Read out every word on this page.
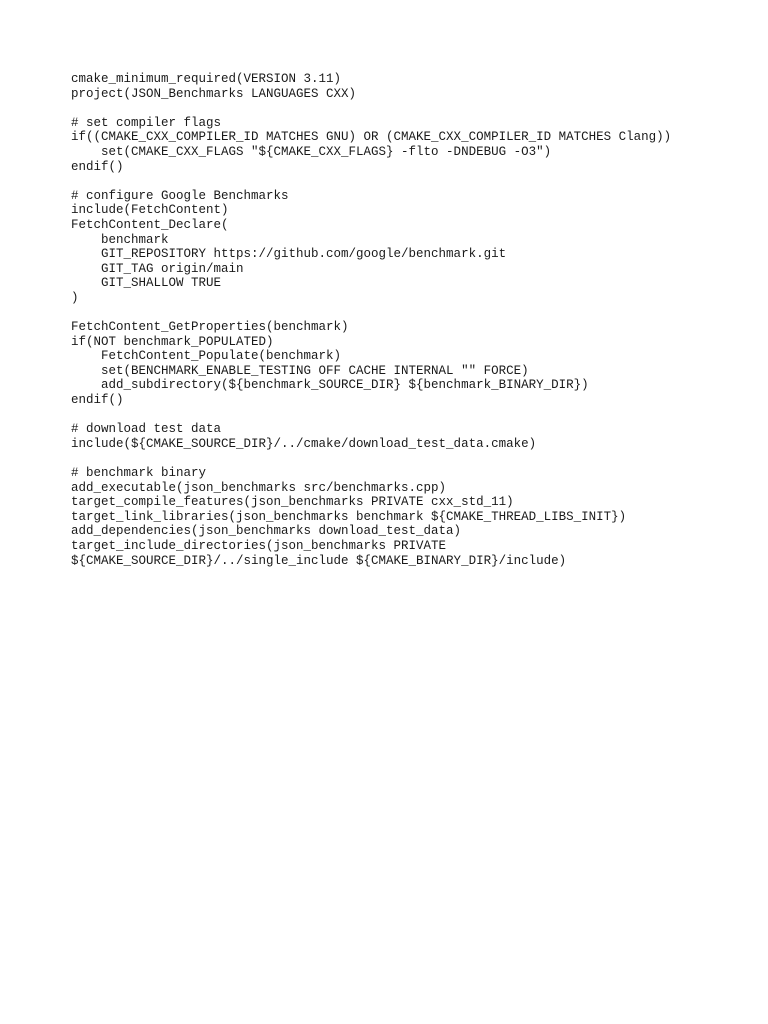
cmake_minimum_required(VERSION 3.11)
project(JSON_Benchmarks LANGUAGES CXX)
# set compiler flags
if((CMAKE_CXX_COMPILER_ID MATCHES GNU) OR (CMAKE_CXX_COMPILER_ID MATCHES Clang))
set(CMAKE_CXX_FLAGS "${CMAKE_CXX_FLAGS} -flto -DNDEBUG -O3")
endif()
# configure Google Benchmarks
include(FetchContent)
FetchContent_Declare(
benchmark
GIT_REPOSITORY https://github.com/google/benchmark.git
GIT_TAG origin/main
GIT_SHALLOW TRUE
)
FetchContent_GetProperties(benchmark)
if(NOT benchmark_POPULATED)
FetchContent_Populate(benchmark)
set(BENCHMARK_ENABLE_TESTING OFF CACHE INTERNAL "" FORCE)
add_subdirectory(${benchmark_SOURCE_DIR} ${benchmark_BINARY_DIR})
endif()
# download test data
include(${CMAKE_SOURCE_DIR}/../cmake/download_test_data.cmake)
# benchmark binary
add_executable(json_benchmarks src/benchmarks.cpp)
target_compile_features(json_benchmarks PRIVATE cxx_std_11)
target_link_libraries(json_benchmarks benchmark ${CMAKE_THREAD_LIBS_INIT})
add_dependencies(json_benchmarks download_test_data)
target_include_directories(json_benchmarks PRIVATE
${CMAKE_SOURCE_DIR}/../single_include ${CMAKE_BINARY_DIR}/include)
